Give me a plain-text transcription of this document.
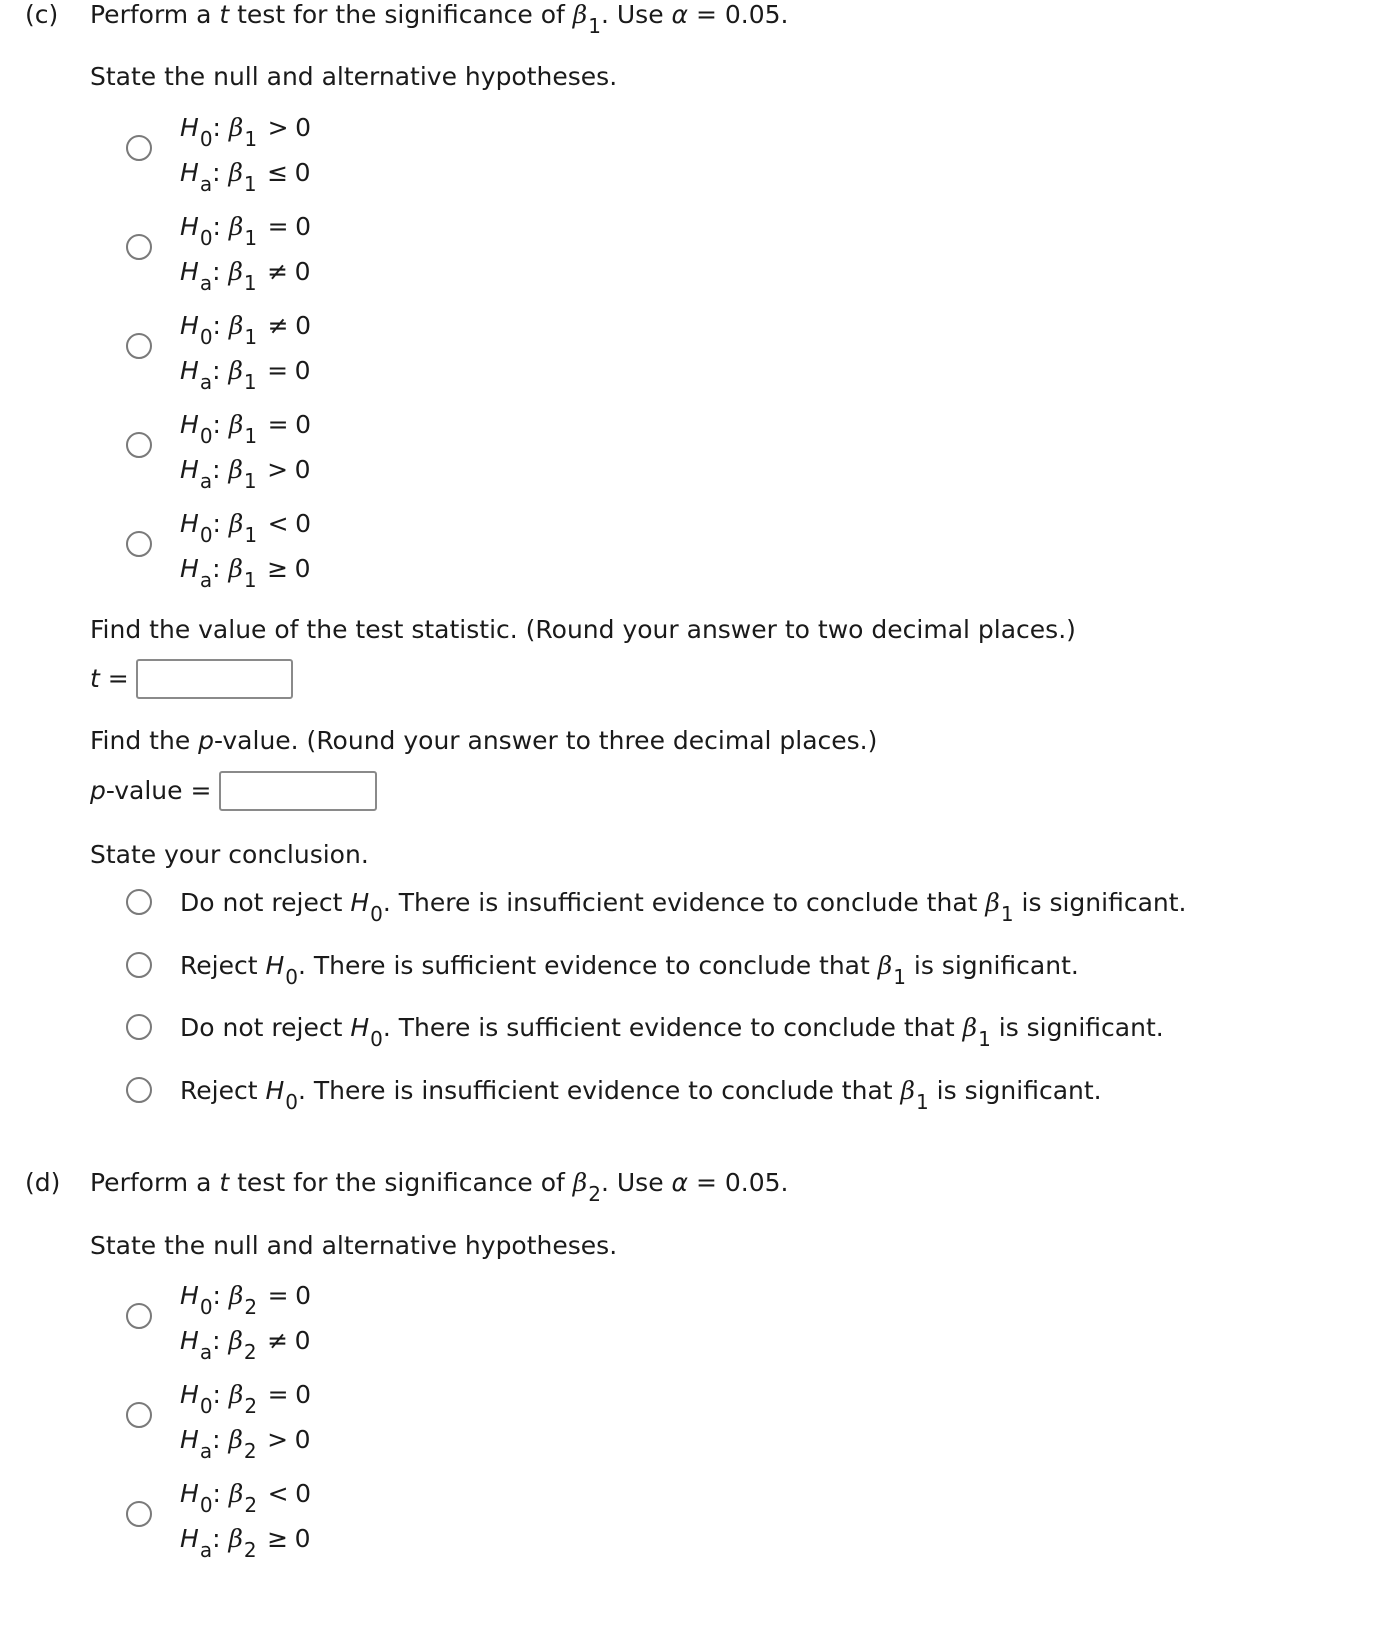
(c) Perform a t test for the significance of $\beta_1$. Use α = 0.05.
State the null and alternative hypotheses.
$H_0$: $\beta_1 > 0$
$H_a$: $\beta_1 \le 0$
$H_0$: $\beta_1 = 0$
$H_a$: $\beta_1 \ne 0$
$H_0$: $\beta_1 \ne 0$
$H_a$: $\beta_1 = 0$
$H_0$: $\beta_1 = 0$
$H_a$: $\beta_1 > 0$
$H_0$: $\beta_1 < 0$
$H_a$: $\beta_1 \ge 0$
Find the value of the test statistic. (Round your answer to two decimal places.)
t =
Find the p-value. (Round your answer to three decimal places.)
p-value =
State your conclusion.
Do not reject $H_0$. There is insufficient evidence to conclude that $\beta_1$ is significant.
Reject $H_0$. There is sufficient evidence to conclude that $\beta_1$ is significant.
Do not reject $H_0$. There is sufficient evidence to conclude that $\beta_1$ is significant.
Reject $H_0$. There is insufficient evidence to conclude that $\beta_1$ is significant.
(d) Perform a t test for the significance of $\beta_2$. Use α = 0.05.
State the null and alternative hypotheses.
$H_0$: $\beta_2 = 0$
$H_a$: $\beta_2 \ne 0$
$H_0$: $\beta_2 = 0$
$H_a$: $\beta_2 > 0$
$H_0$: $\beta_2 < 0$
$H_a$: $\beta_2 \ge 0$
